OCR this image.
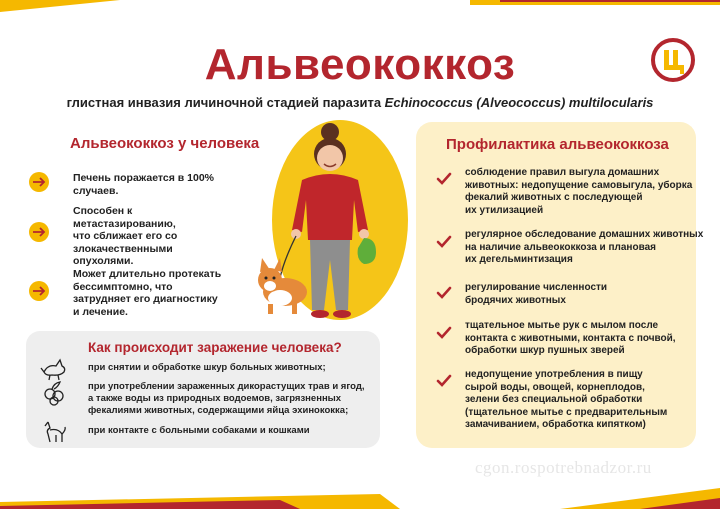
Альвеококкоз
глистная инвазия личиночной стадией паразита Echinococcus (Alveococcus) multilocularis
Альвеококкоз у человека
Печень поражается в 100%
случаев.
Способен к
метастазированию,
что сближает его со
злокачественными
опухолями.
Может длительно протекать
бессимптомно, что
затрудняет его диагностику
и лечение.
Профилактика альвеококкоза
соблюдение правил выгула домашних
животных: недопущение самовыгула, уборка
фекалий животных с последующей
их утилизацией
регулярное обследование домашних животных
на наличие альвеококкоза и плановая
их дегельминтизация
регулирование численности
бродячих животных
тщательное мытье рук с мылом после
контакта с животными, контакта с почвой,
обработки шкур пушных зверей
недопущение употребления в пищу
сырой воды, овощей, корнеплодов,
зелени без специальной обработки
(тщательное мытье с предварительным
замачиванием, обработка кипятком)
Как происходит заражение человека?
при снятии и обработке шкур больных животных;
при употреблении зараженных дикорастущих трав и ягод,
а также воды из природных водоемов, загрязненных
фекалиями животных, содержащими яйца эхинококка;
при контакте с больными собаками и кошками
cgon.rospotrebnadzor.ru
